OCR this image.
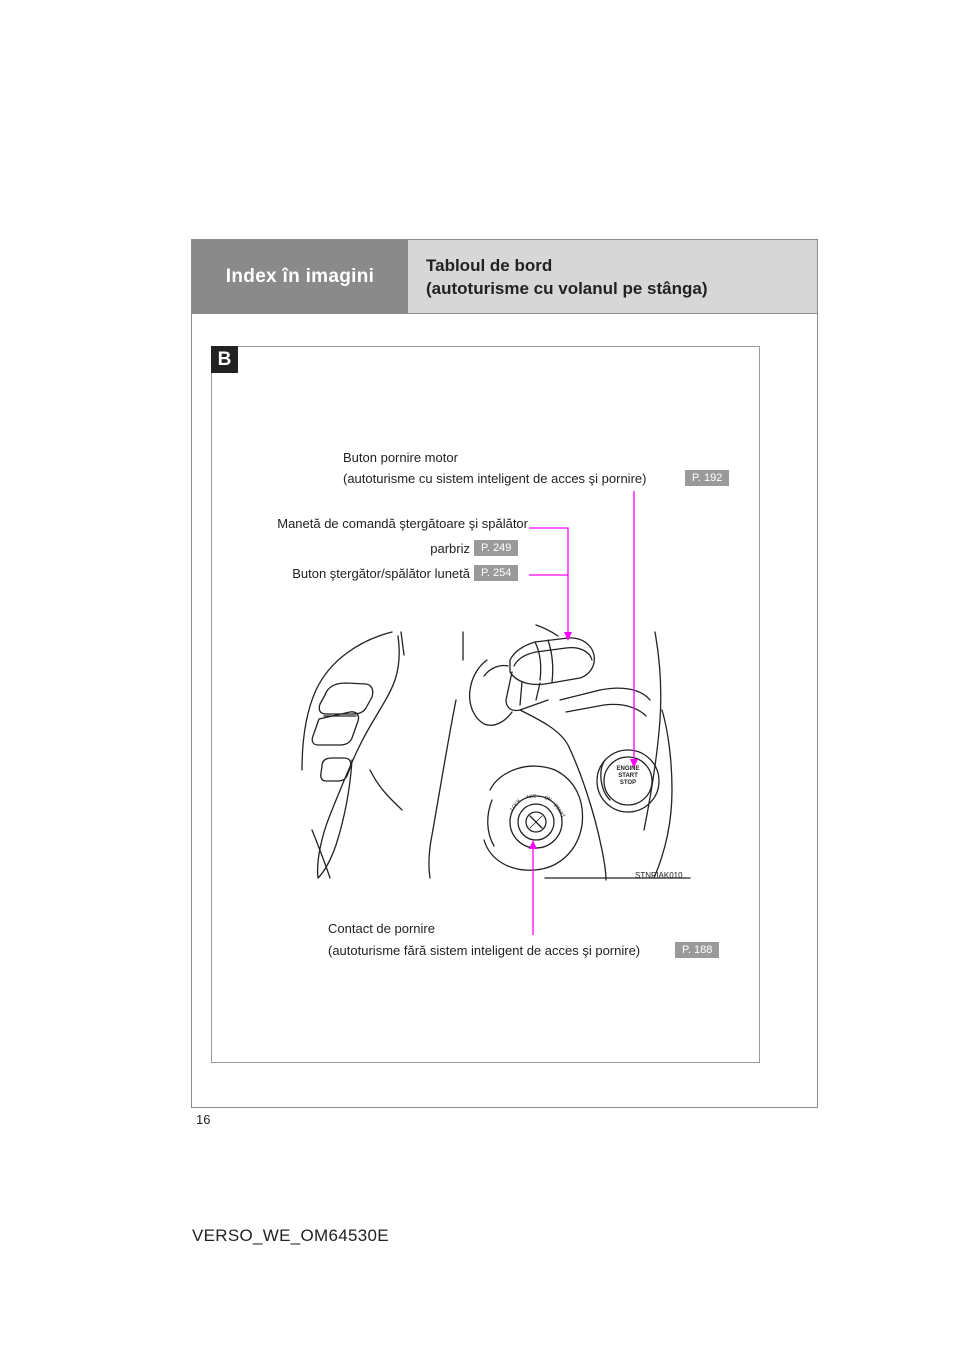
Index în imagini	Tabloul de bord
(autoturisme cu volanul pe stânga)
B
ENGINE
START
STOP
LOCK
ACC ON
START
STNPIAK010
Buton pornire motor
(autoturisme cu sistem inteligent de acces şi pornire)	P. 192
Manetă de comandă ştergătoare şi spălător
parbriz	P. 249
Buton ştergător/spălător lunetă	P. 254
Contact de pornire
(autoturisme fără sistem inteligent de acces şi pornire)	P. 188
16
VERSO_WE_OM64530E
